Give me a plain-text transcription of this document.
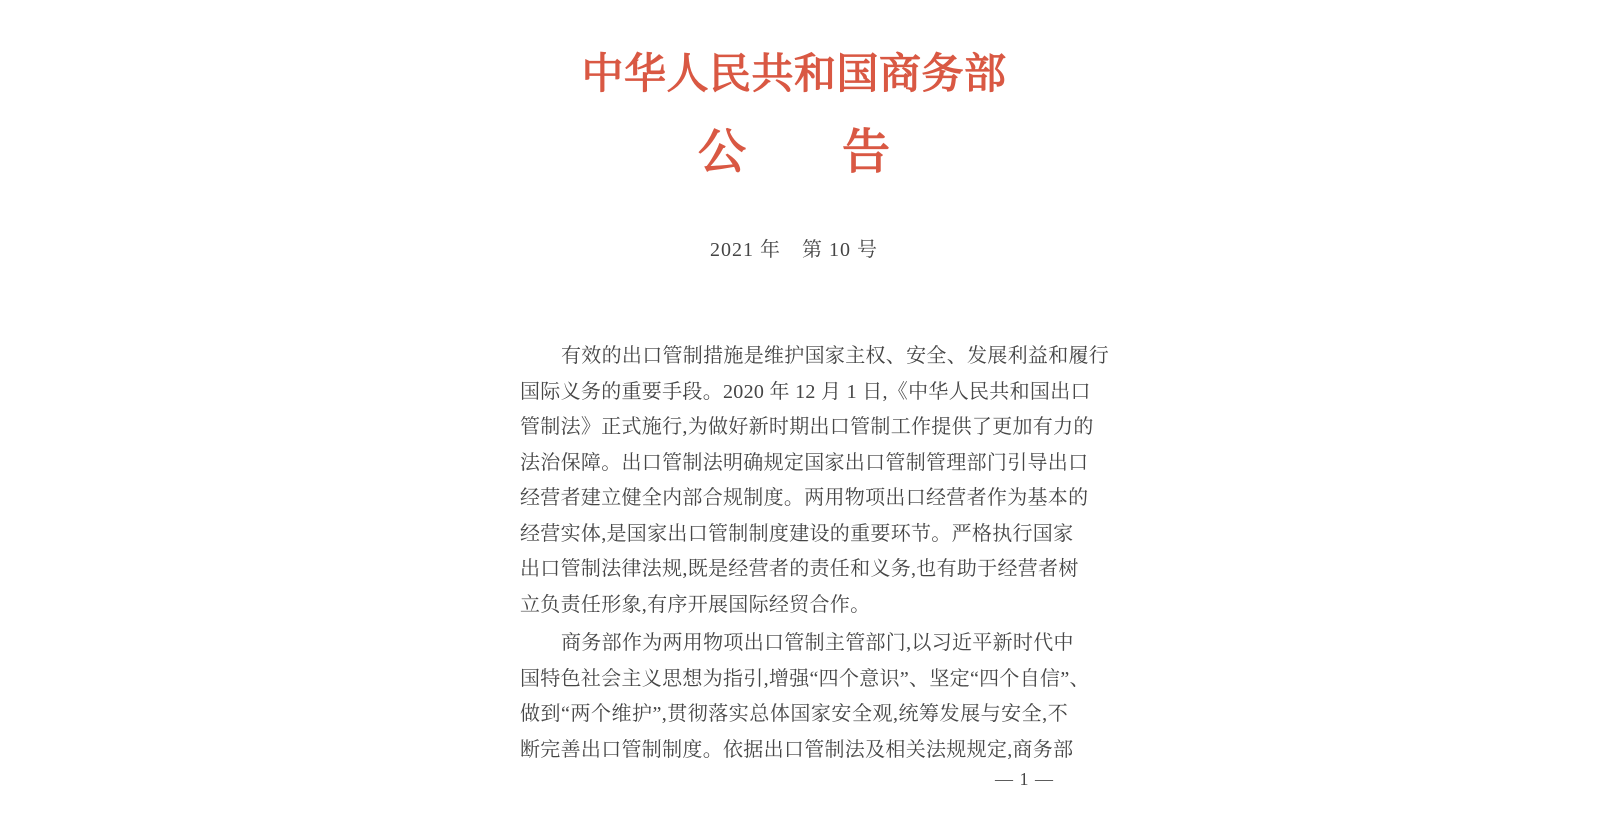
中华人民共和国商务部
公　　告
2021 年　第 10 号
有效的出口管制措施是维护国家主权、安全、发展利益和履行
国际义务的重要手段。2020 年 12 月 1 日,《中华人民共和国出口
管制法》正式施行,为做好新时期出口管制工作提供了更加有力的
法治保障。出口管制法明确规定国家出口管制管理部门引导出口
经营者建立健全内部合规制度。两用物项出口经营者作为基本的
经营实体,是国家出口管制制度建设的重要环节。严格执行国家
出口管制法律法规,既是经营者的责任和义务,也有助于经营者树
立负责任形象,有序开展国际经贸合作。
商务部作为两用物项出口管制主管部门,以习近平新时代中
国特色社会主义思想为指引,增强“四个意识”、坚定“四个自信”、
做到“两个维护”,贯彻落实总体国家安全观,统筹发展与安全,不
断完善出口管制制度。依据出口管制法及相关法规规定,商务部
— 1 —
